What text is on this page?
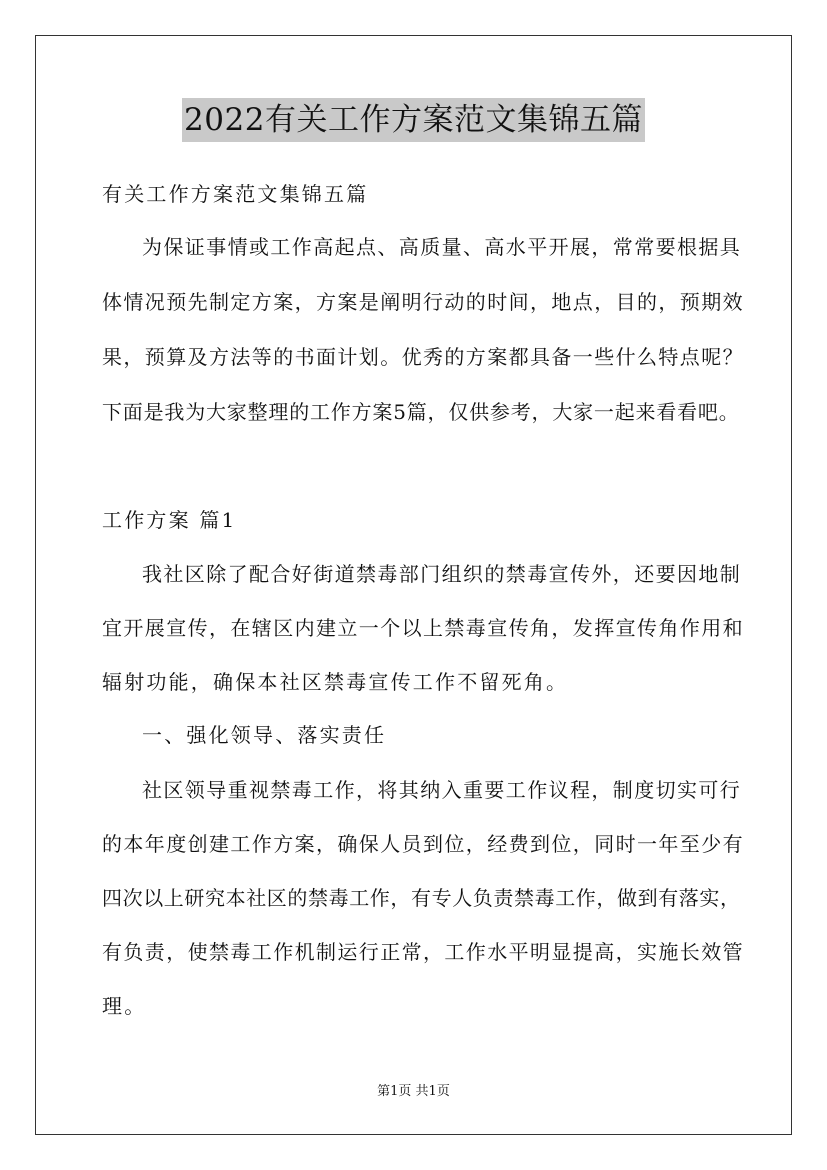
2022有关工作方案范文集锦五篇
有关工作方案范文集锦五篇
为保证事情或工作高起点、高质量、高水平开展，常常要根据具
体情况预先制定方案，方案是阐明行动的时间，地点，目的，预期效
果，预算及方法等的书面计划。优秀的方案都具备一些什么特点呢？
下面是我为大家整理的工作方案5篇，仅供参考，大家一起来看看吧。
工作方案 篇1
我社区除了配合好街道禁毒部门组织的禁毒宣传外，还要因地制
宜开展宣传，在辖区内建立一个以上禁毒宣传角，发挥宣传角作用和
辐射功能，确保本社区禁毒宣传工作不留死角。
一、强化领导、落实责任
社区领导重视禁毒工作，将其纳入重要工作议程，制度切实可行
的本年度创建工作方案，确保人员到位，经费到位，同时一年至少有
四次以上研究本社区的禁毒工作，有专人负责禁毒工作，做到有落实，
有负责，使禁毒工作机制运行正常，工作水平明显提高，实施长效管
理。
第1页 共1页
